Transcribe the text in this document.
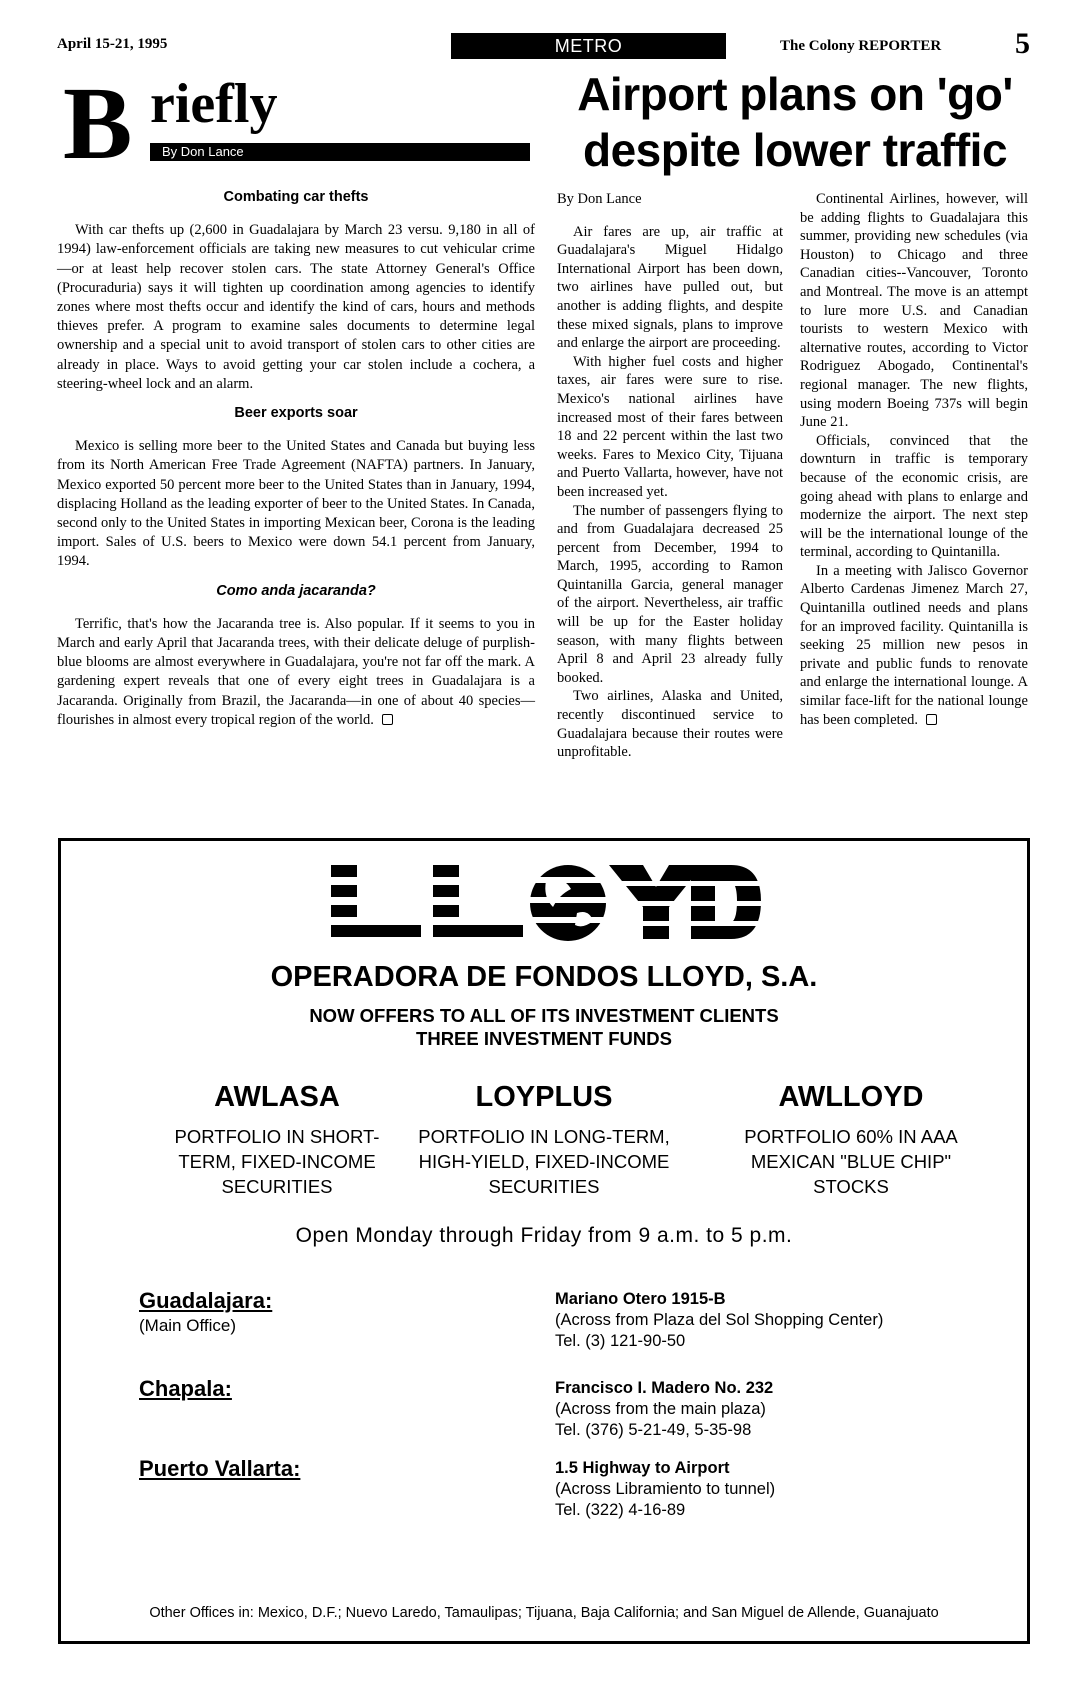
April 15-21, 1995	METRO	The Colony REPORTER 5
B riefly
By Don Lance
Airport plans on 'go' despite lower traffic
Combating car thefts

With car thefts up (2,600 in Guadalajara by March 23 versu. 9,180 in all of 1994) law-enforcement officials are taking new measures to cut vehicular crime—or at least help recover stolen cars. The state Attorney General's Office (Procuraduria) says it will tighten up coordination among agencies to identify zones where most thefts occur and identify the kind of cars, hours and methods thieves prefer. A program to examine sales documents to determine legal ownership and a special unit to avoid transport of stolen cars to other cities are already in place. Ways to avoid getting your car stolen include a cochera, a steering-wheel lock and an alarm.

Beer exports soar

Mexico is selling more beer to the United States and Canada but buying less from its North American Free Trade Agreement (NAFTA) partners. In January, Mexico exported 50 percent more beer to the United States than in January, 1994, displacing Holland as the leading exporter of beer to the United States. In Canada, second only to the United States in importing Mexican beer, Corona is the leading import. Sales of U.S. beers to Mexico were down 54.1 percent from January, 1994.

Como anda jacaranda?

Terrific, that's how the Jacaranda tree is. Also popular. If it seems to you in March and early April that Jacaranda trees, with their delicate deluge of purplish-blue blooms are almost everywhere in Guadalajara, you're not far off the mark. A gardening expert reveals that one of every eight trees in Guadalajara is a Jacaranda. Originally from Brazil, the Jacaranda—in one of about 40 species—flourishes in almost every tropical region of the world.

By Don Lance

Air fares are up, air traffic at Guadalajara's Miguel Hidalgo International Airport has been down, two airlines have pulled out, but another is adding flights, and despite these mixed signals, plans to improve and enlarge the airport are proceeding.

With higher fuel costs and higher taxes, air fares were sure to rise. Mexico's national airlines have increased most of their fares between 18 and 22 percent within the last two weeks. Fares to Mexico City, Tijuana and Puerto Vallarta, however, have not been increased yet.

The number of passengers flying to and from Guadalajara decreased 25 percent from December, 1994 to March, 1995, according to Ramon Quintanilla Garcia, general manager of the airport. Nevertheless, air traffic will be up for the Easter holiday season, with many flights between April 8 and April 23 already fully booked.

Two airlines, Alaska and United, recently discontinued service to Guadalajara because their routes were unprofitable.

Continental Airlines, however, will be adding flights to Guadalajara this summer, providing new schedules (via Houston) to Chicago and three Canadian cities--Vancouver, Toronto and Montreal. The move is an attempt to lure more U.S. and Canadian tourists to western Mexico with alternative routes, according to Victor Rodriguez Abogado, Continental's regional manager. The new flights, using modern Boeing 737s will begin June 21.

Officials, convinced that the downturn in traffic is temporary because of the economic crisis, are going ahead with plans to enlarge and modernize the airport. The next step will be the international lounge of the terminal, according to Quintanilla.

In a meeting with Jalisco Governor Alberto Cardenas Jimenez March 27, Quintanilla outlined needs and plans for an improved facility. Quintanilla is seeking 25 million new pesos in private and public funds to renovate and enlarge the international lounge. A similar face-lift for the national lounge has been completed.

OPERADORA DE FONDOS LLOYD, S.A.
NOW OFFERS TO ALL OF ITS INVESTMENT CLIENTS
THREE INVESTMENT FUNDS
AWLASA
PORTFOLIO IN SHORT-
TERM, FIXED-INCOME
SECURITIES
LOYPLUS
PORTFOLIO IN LONG-TERM,
HIGH-YIELD, FIXED-INCOME
SECURITIES
AWLLOYD
PORTFOLIO 60% IN AAA
MEXICAN "BLUE CHIP"
STOCKS
Open Monday through Friday from 9 a.m. to 5 p.m.
Guadalajara:
(Main Office)
Mariano Otero 1915-B
(Across from Plaza del Sol Shopping Center)
Tel. (3) 121-90-50
Chapala:	Francisco I. Madero No. 232
(Across from the main plaza)
Tel. (376) 5-21-49, 5-35-98
Puerto Vallarta:	1.5 Highway to Airport
(Across Libramiento to tunnel)
Tel. (322) 4-16-89
Other Offices in: Mexico, D.F.; Nuevo Laredo, Tamaulipas; Tijuana, Baja California; and San Miguel de Allende, Guanajuato
